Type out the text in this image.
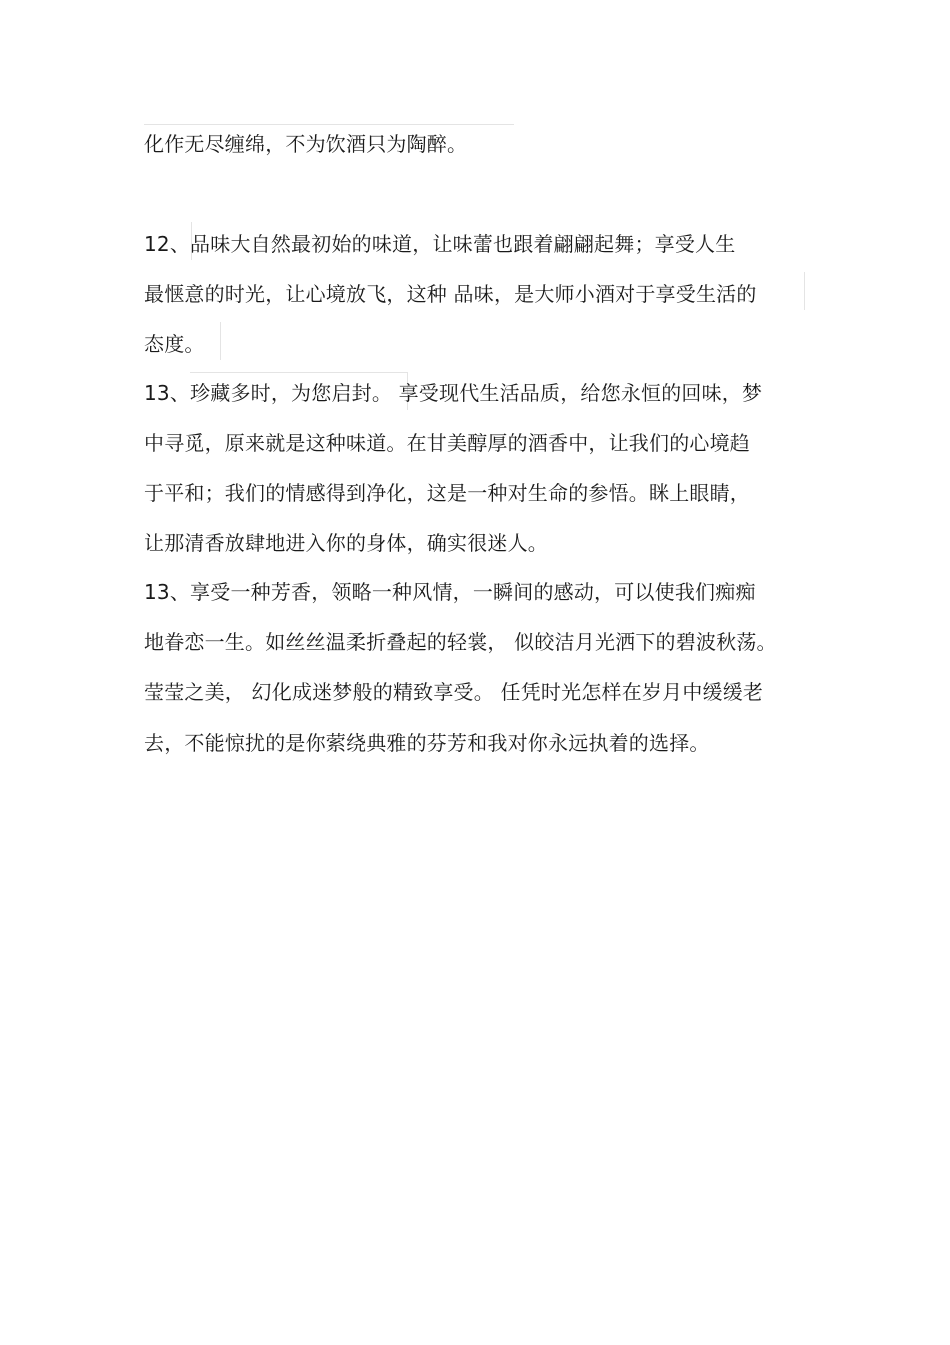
化作无尽缠绵，不为饮酒只为陶醉。
12、品味大自然最初始的味道，让味蕾也跟着翩翩起舞；享受人生
最惬意的时光，让心境放飞，这种 品味，是大师小酒对于享受生活的
态度。
13、珍藏多时，为您启封。 享受现代生活品质，给您永恒的回味，梦
中寻觅，原来就是这种味道。在甘美醇厚的酒香中，让我们的心境趋
于平和；我们的情感得到净化，这是一种对生命的参悟。眯上眼睛，
让那清香放肆地进入你的身体，确实很迷人。
13、享受一种芳香，领略一种风情，一瞬间的感动，可以使我们痴痴
地眷恋一生。如丝丝温柔折叠起的轻裳， 似皎洁月光洒下的碧波秋荡。
莹莹之美， 幻化成迷梦般的精致享受。 任凭时光怎样在岁月中缓缓老
去，不能惊扰的是你萦绕典雅的芬芳和我对你永远执着的选择。
